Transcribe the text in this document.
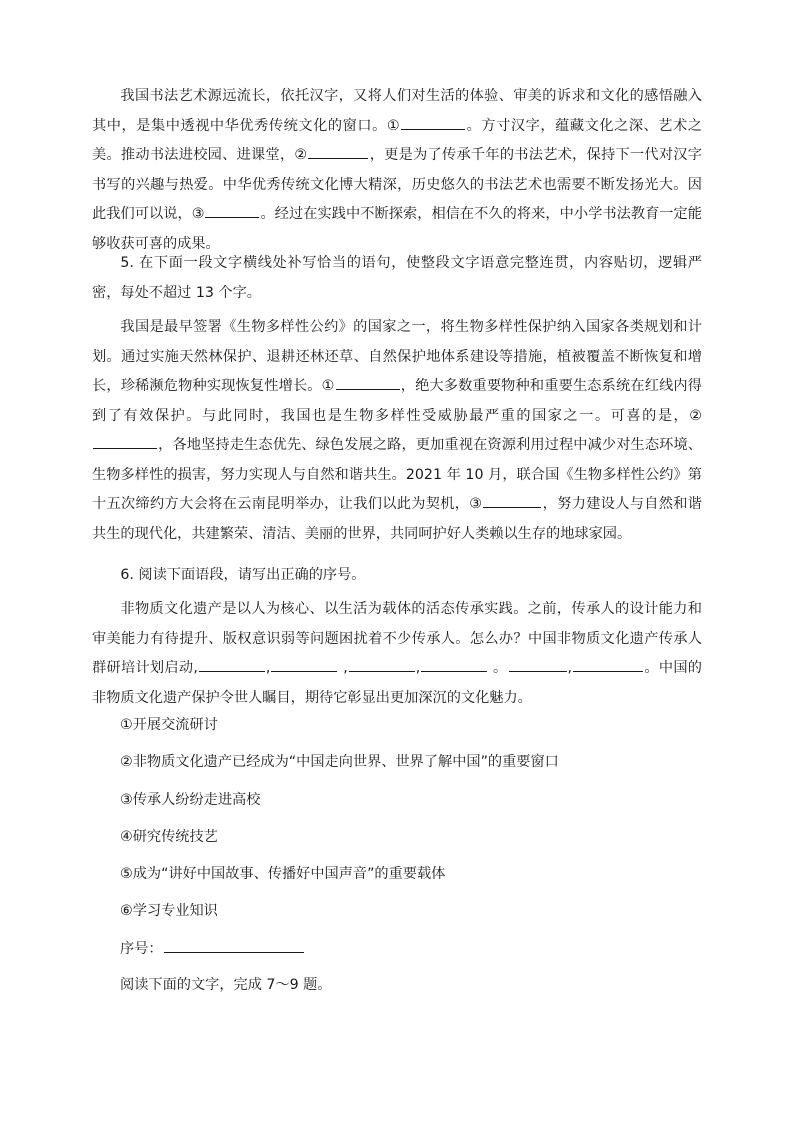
我国书法艺术源远流长，依托汉字，又将人们对生活的体验、审美的诉求和文化的感悟融入其中，是集中透视中华优秀传统文化的窗口。①	。方寸汉字，蕴藏文化之深、艺术之美。推动书法进校园、进课堂，②	，更是为了传承千年的书法艺术，保持下一代对汉字书写的兴趣与热爱。中华优秀传统文化博大精深，历史悠久的书法艺术也需要不断发扬光大。因此我们可以说，③	。经过在实践中不断探索，相信在不久的将来，中小学书法教育一定能够收获可喜的成果。

5. 在下面一段文字横线处补写恰当的语句，使整段文字语意完整连贯，内容贴切，逻辑严密，每处不超过 13 个字。

我国是最早签署《生物多样性公约》的国家之一，将生物多样性保护纳入国家各类规划和计划。通过实施天然林保护、退耕还林还草、自然保护地体系建设等措施，植被覆盖不断恢复和增长，珍稀濒危物种实现恢复性增长。①	，绝大多数重要物种和重要生态系统在红线内得到了有效保护。与此同时，我国也是生物多样性受威胁最严重的国家之一。可喜的是，②，各地坚持走生态优先、绿色发展之路，更加重视在资源利用过程中减少对生态环境、生物多样性的损害，努力实现人与自然和谐共生。2021 年 10 月，联合国《生物多样性公约》第十五次缔约方大会将在云南昆明举办，让我们以此为契机，③	，努力建设人与自然和谐共生的现代化，共建繁荣、清洁、美丽的世界，共同呵护好人类赖以生存的地球家园。

6. 阅读下面语段，请写出正确的序号。

非物质文化遗产是以人为核心、以生活为载体的活态传承实践。之前，传承人的设计能力和审美能力有待提升、版权意识弱等问题困扰着不少传承人。怎么办？中国非物质文化遗产传承人群研培计划启动,	,	,	,	。	,	。中国的非物质文化遗产保护令世人瞩目，期待它彰显出更加深沉的文化魅力。

①开展交流研讨
②非物质文化遗产已经成为“中国走向世界、世界了解中国”的重要窗口
③传承人纷纷走进高校
④研究传统技艺
⑤成为“讲好中国故事、传播好中国声音”的重要载体
⑥学习专业知识
序号：
阅读下面的文字，完成 7～9 题。
